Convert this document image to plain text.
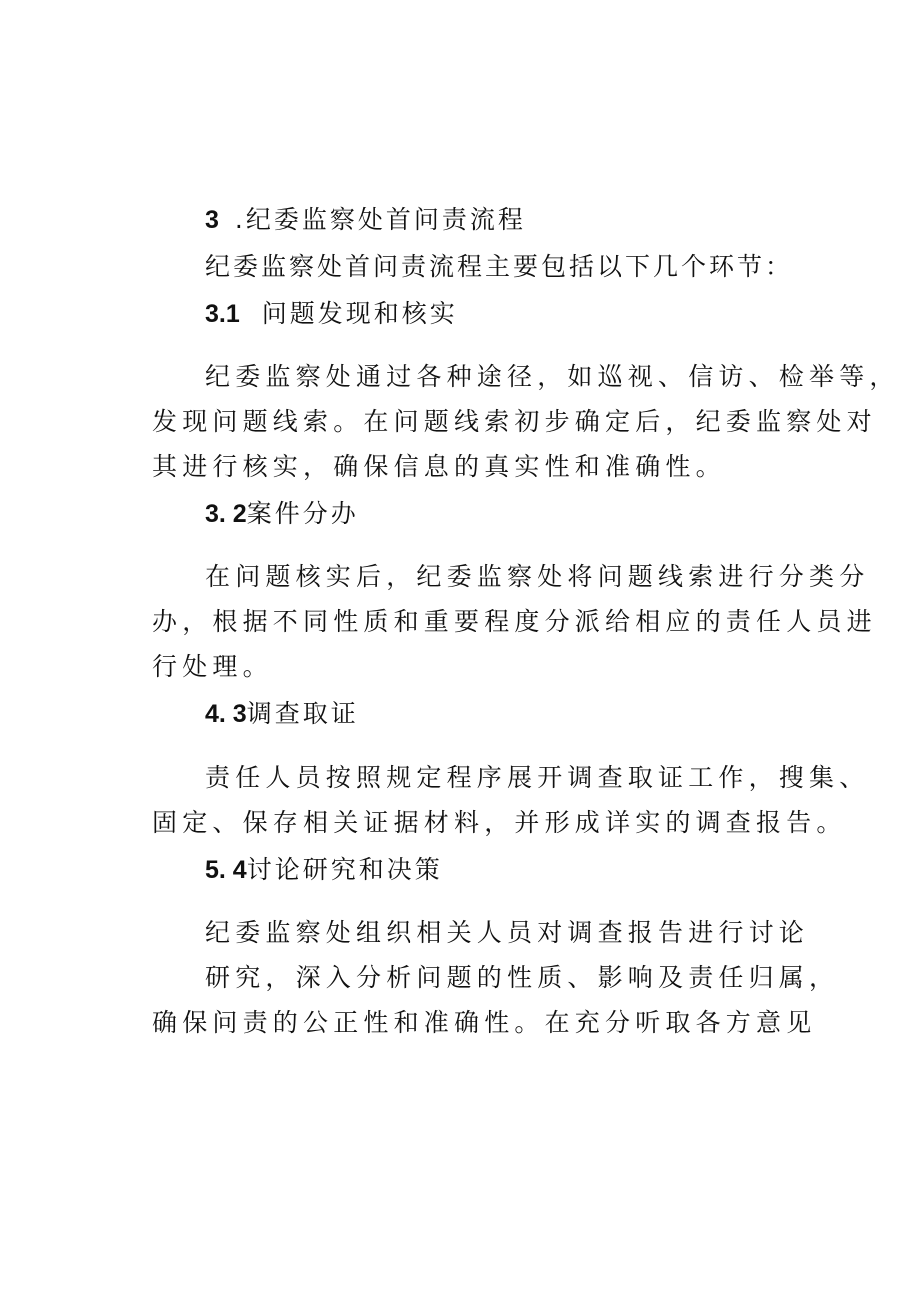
3 .纪委监察处首问责流程
纪委监察处首问责流程主要包括以下几个环节：
3.1 问题发现和核实
纪委监察处通过各种途径，如巡视、信访、检举等，
发现问题线索。在问题线索初步确定后，纪委监察处对
其进行核实，确保信息的真实性和准确性。
3. 2案件分办
在问题核实后，纪委监察处将问题线索进行分类分
办，根据不同性质和重要程度分派给相应的责任人员进
行处理。
4. 3调查取证
责任人员按照规定程序展开调查取证工作，搜集、
固定、保存相关证据材料，并形成详实的调查报告。
5. 4讨论研究和决策
纪委监察处组织相关人员对调查报告进行讨论
研究，深入分析问题的性质、影响及责任归属，
确保问责的公正性和准确性。在充分听取各方意见
